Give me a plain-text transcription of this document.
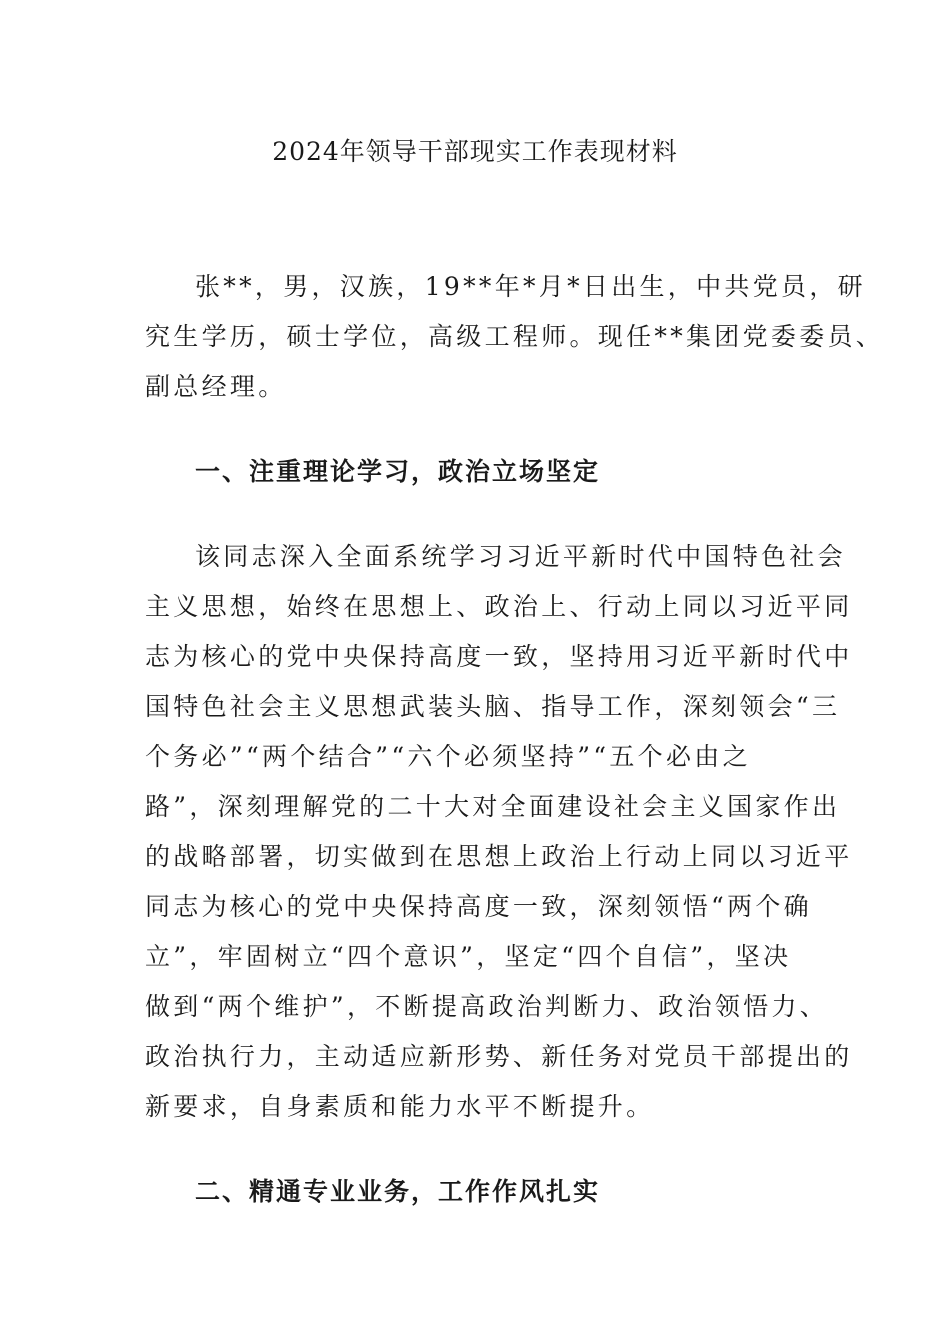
2024年领导干部现实工作表现材料

张**，男，汉族，19**年*月*日出生，中共党员，研
究生学历，硕士学位，高级工程师。现任**集团党委委员、
副总经理。

一、注重理论学习，政治立场坚定

该同志深入全面系统学习习近平新时代中国特色社会
主义思想，始终在思想上、政治上、行动上同以习近平同
志为核心的党中央保持高度一致，坚持用习近平新时代中
国特色社会主义思想武装头脑、指导工作，深刻领会“三
个务必”“两个结合”“六个必须坚持”“五个必由之
路”，深刻理解党的二十大对全面建设社会主义国家作出
的战略部署，切实做到在思想上政治上行动上同以习近平
同志为核心的党中央保持高度一致，深刻领悟“两个确
立”，牢固树立“四个意识”，坚定“四个自信”，坚决
做到“两个维护”，不断提高政治判断力、政治领悟力、
政治执行力，主动适应新形势、新任务对党员干部提出的
新要求，自身素质和能力水平不断提升。

二、精通专业业务，工作作风扎实
